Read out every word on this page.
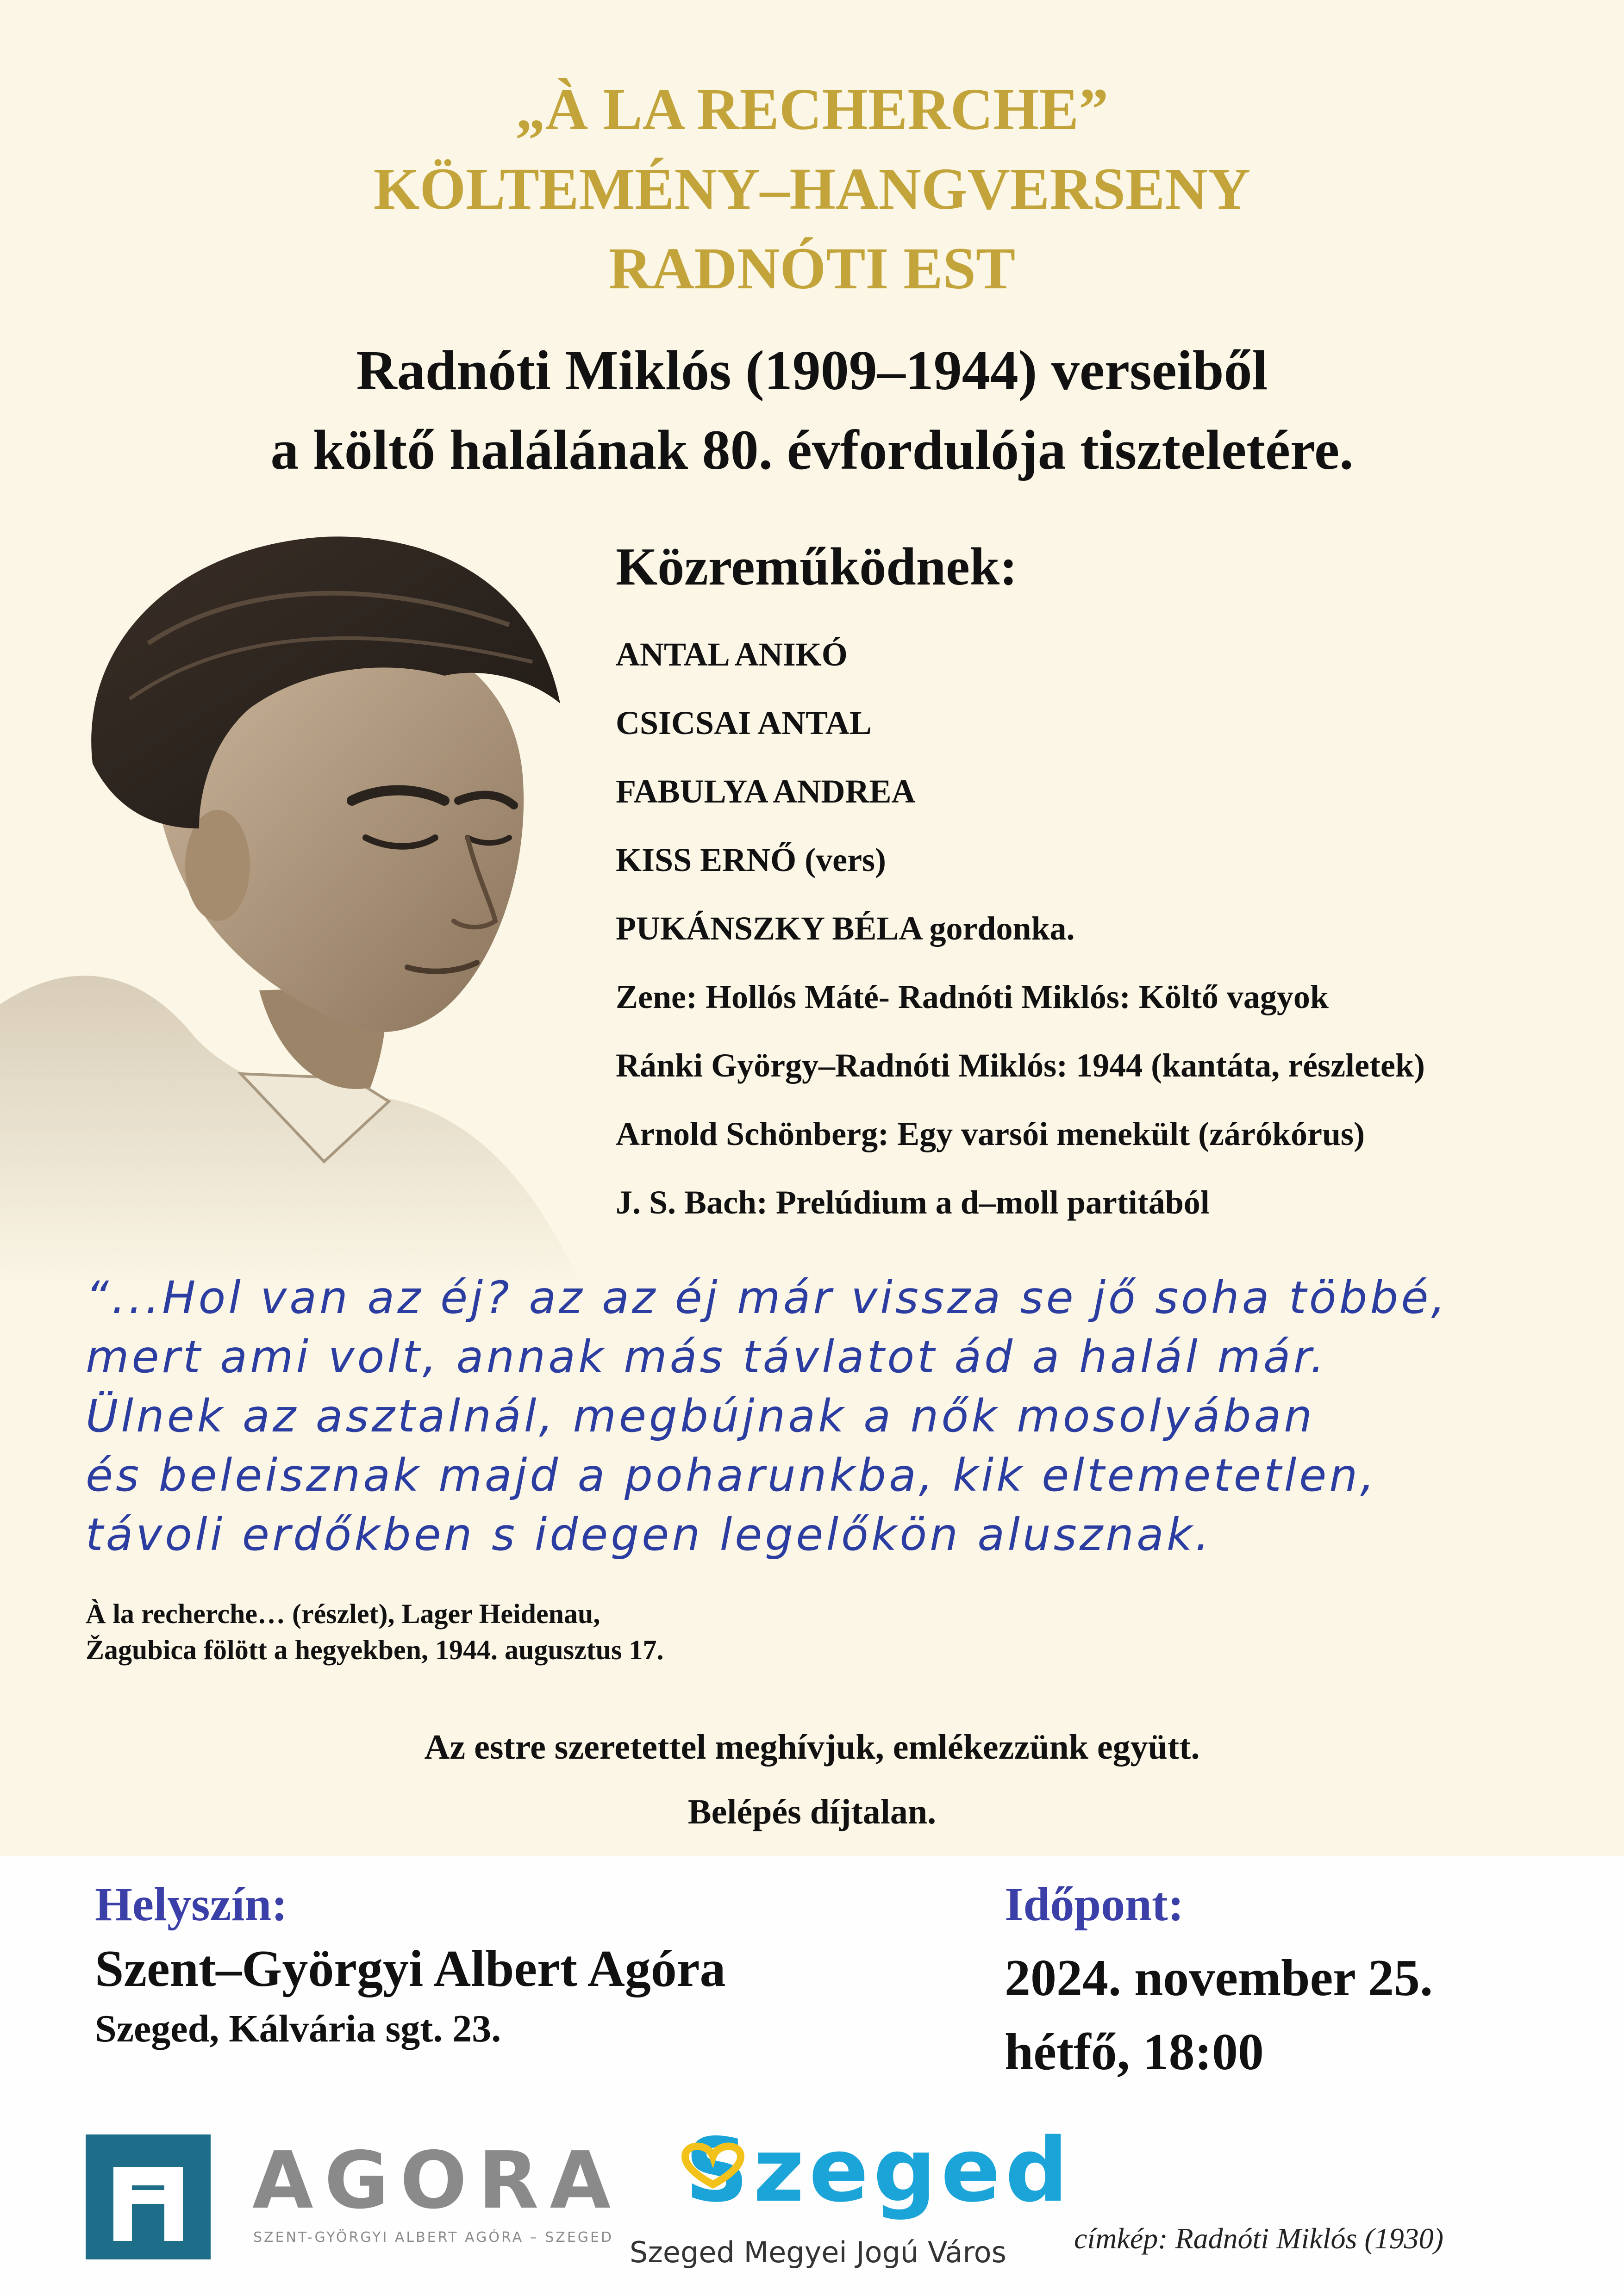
„À LA RECHERCHE”
KÖLTEMÉNY–HANGVERSENY
RADNÓTI EST
Radnóti Miklós (1909–1944) verseiből
a költő halálának 80. évfordulója tiszteletére.
Közreműködnek:
ANTAL ANIKÓ
CSICSAI ANTAL
FABULYA ANDREA
KISS ERNŐ (vers)
PUKÁNSZKY BÉLA gordonka.
Zene: Hollós Máté- Radnóti Miklós: Költő vagyok
Ránki György–Radnóti Miklós: 1944 (kantáta, részletek)
Arnold Schönberg: Egy varsói menekült (zárókórus)
J. S. Bach: Prelúdium a d–moll partitából
“...Hol van az éj? az az éj már vissza se jő soha többé,
mert ami volt, annak más távlatot ád a halál már.
Ülnek az asztalnál, megbújnak a nők mosolyában
és beleisznak majd a poharunkba, kik eltemetetlen,
távoli erdőkben s idegen legelőkön alusznak.
À la recherche… (részlet), Lager Heidenau,
Žagubica fölött a hegyekben, 1944. augusztus 17.
Az estre szeretettel meghívjuk, emlékezzünk együtt.
Belépés díjtalan.
Helyszín:
Szent–Györgyi Albert Agóra
Szeged, Kálvária sgt. 23.
Időpont:
2024. november 25.
hétfő, 18:00
AGORA
SZENT-GYÖRGYI ALBERT AGÓRA – SZEGED
Szeged
Szeged Megyei Jogú Város címkép: Radnóti Miklós (1930)
